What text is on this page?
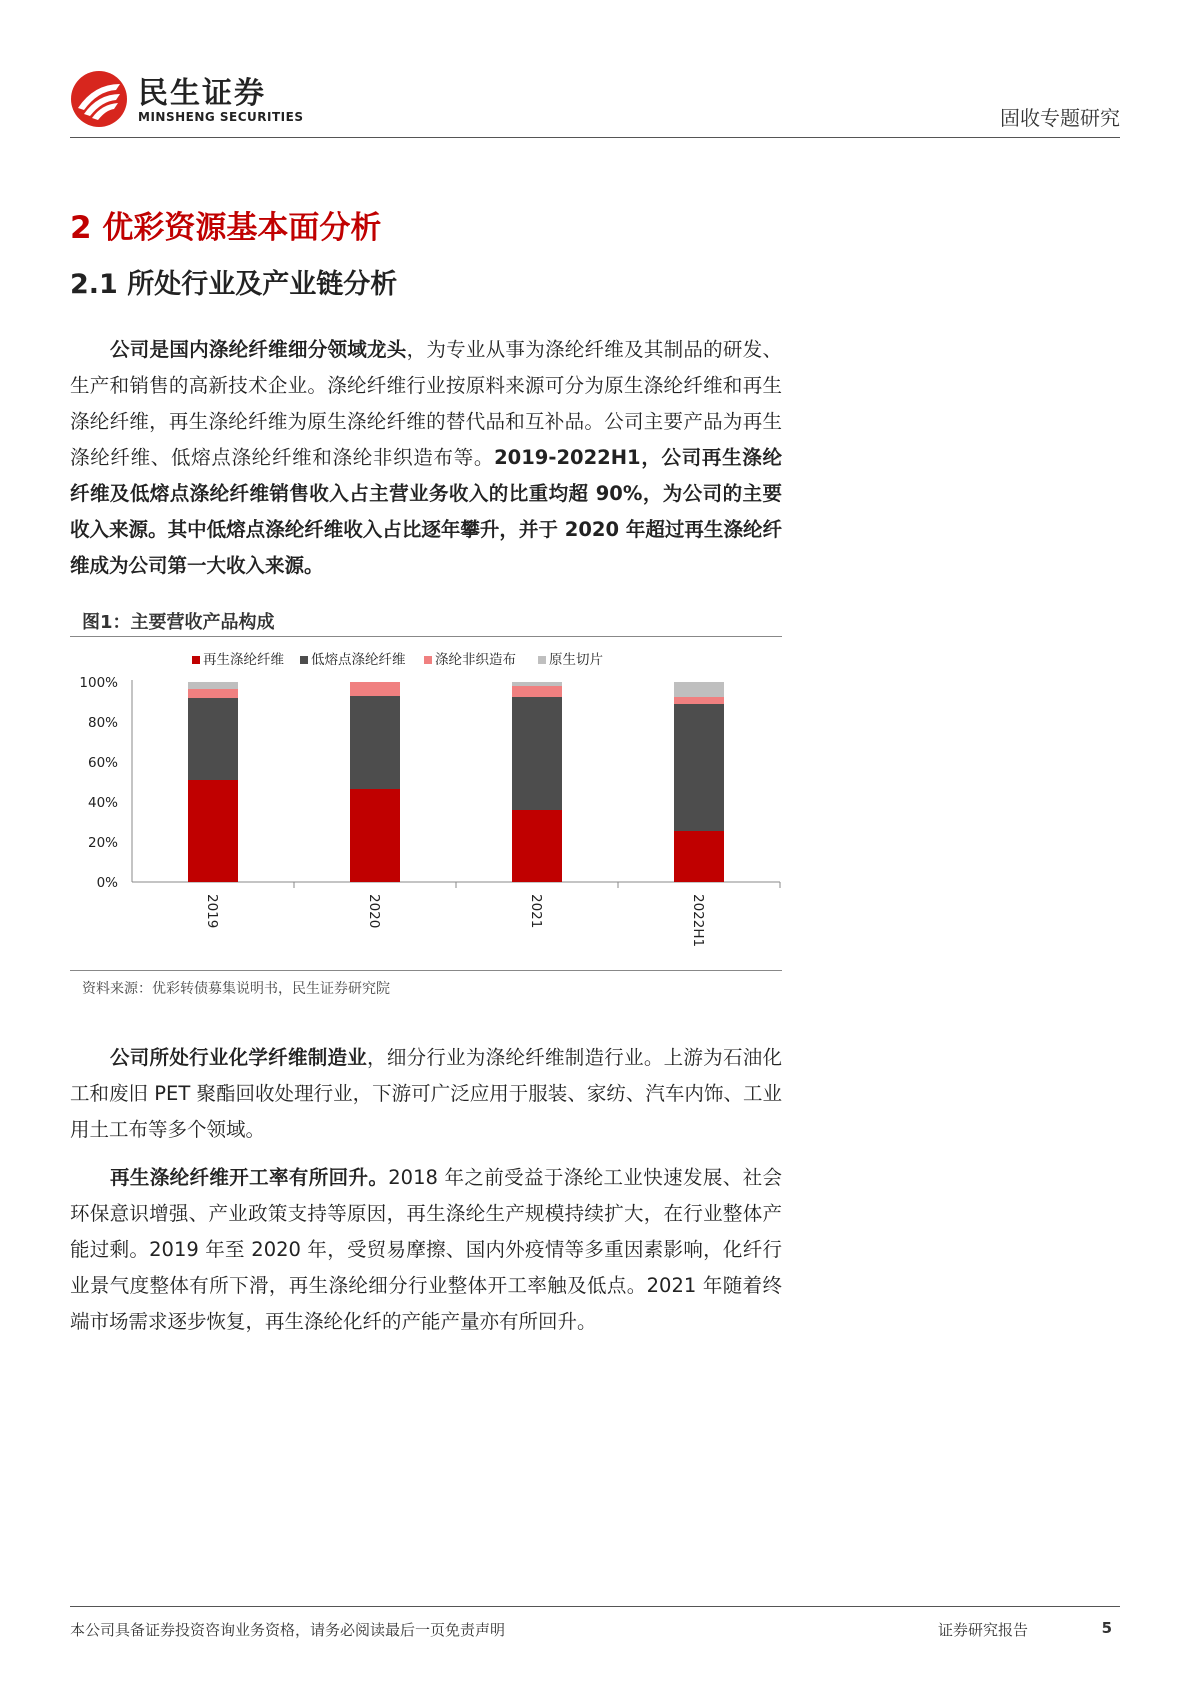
民生证券
MINSHENG SECURITIES	固收专题研究
2 优彩资源基本面分析
2.1 所处行业及产业链分析

公司是国内涤纶纤维细分领域龙头，为专业从事为涤纶纤维及其制品的研发、生产和销售的高新技术企业。涤纶纤维行业按原料来源可分为原生涤纶纤维和再生涤纶纤维，再生涤纶纤维为原生涤纶纤维的替代品和互补品。公司主要产品为再生涤纶纤维、低熔点涤纶纤维和涤纶非织造布等。2019-2022H1，公司再生涤纶纤维及低熔点涤纶纤维销售收入占主营业务收入的比重均超 90%，为公司的主要收入来源。其中低熔点涤纶纤维收入占比逐年攀升，并于 2020 年超过再生涤纶纤维成为公司第一大收入来源。

图1：主要营收产品构成
再生涤纶纤维 低熔点涤纶纤维 涤纶非织造布 原生切片
0%
20%
40%
60%
80%
100%
2019	2020	2021	2022H1
资料来源：优彩转债募集说明书，民生证券研究院

公司所处行业化学纤维制造业，细分行业为涤纶纤维制造行业。上游为石油化工和废旧 PET 聚酯回收处理行业，下游可广泛应用于服装、家纺、汽车内饰、工业用土工布等多个领域。

再生涤纶纤维开工率有所回升。2018 年之前受益于涤纶工业快速发展、社会环保意识增强、产业政策支持等原因，再生涤纶生产规模持续扩大，在行业整体产能过剩。2019 年至 2020 年，受贸易摩擦、国内外疫情等多重因素影响，化纤行业景气度整体有所下滑，再生涤纶细分行业整体开工率触及低点。2021 年随着终端市场需求逐步恢复，再生涤纶化纤的产能产量亦有所回升。

本公司具备证券投资咨询业务资格，请务必阅读最后一页免责声明	证券研究报告	5
